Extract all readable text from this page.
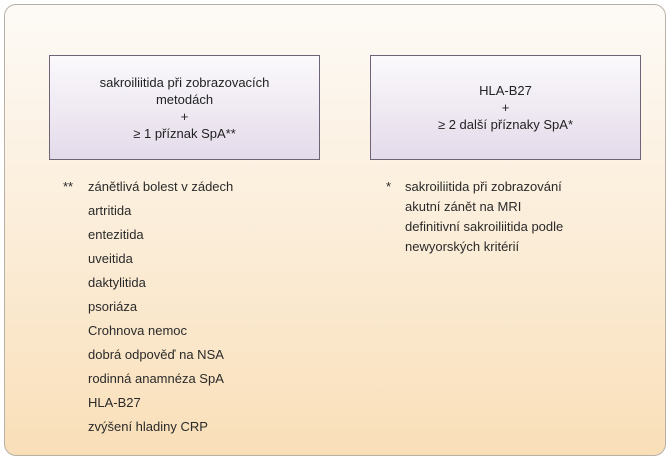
sakroiliitida při zobrazovacích
metodách
+
≥ 1 příznak SpA**
HLA-B27
+
≥ 2 další příznaky SpA*
** zánětlivá bolest v zádech
artritida
entezitida
uveitida
daktylitida
psoriáza
Crohnova nemoc
dobrá odpověď na NSA
rodinná anamnéza SpA
HLA-B27
zvýšení hladiny CRP
* sakroiliitida při zobrazování
akutní zánět na MRI
definitivní sakroiliitida podle
newyorských kritérií
